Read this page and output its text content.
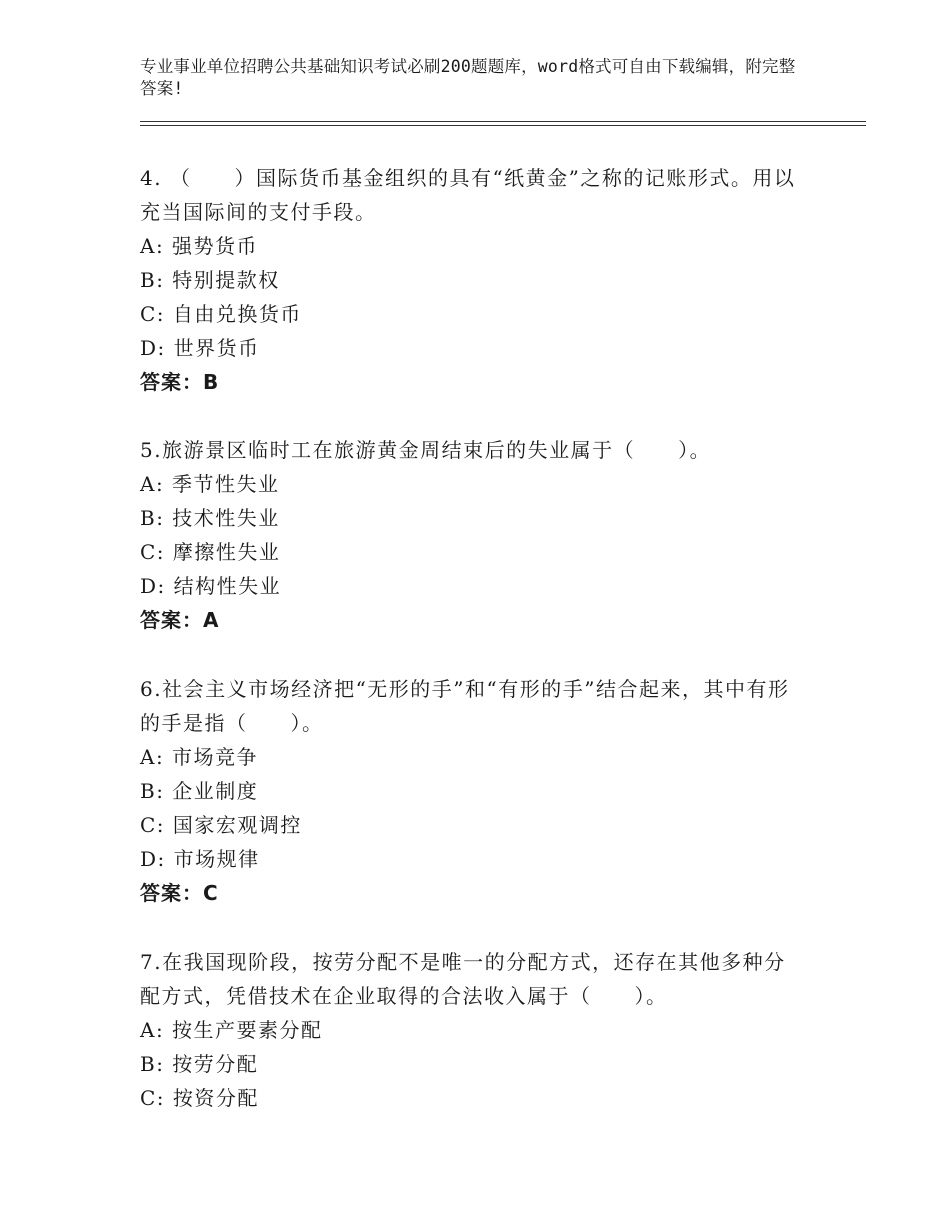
专业事业单位招聘公共基础知识考试必刷200题题库，word格式可自由下载编辑，附完整答案!
4. （　　）国际货币基金组织的具有“纸黄金”之称的记账形式。用以充当国际间的支付手段。
A: 强势货币
B: 特别提款权
C: 自由兑换货币
D: 世界货币
答案：B
5.旅游景区临时工在旅游黄金周结束后的失业属于（　　）。
A: 季节性失业
B: 技术性失业
C: 摩擦性失业
D: 结构性失业
答案：A
6.社会主义市场经济把“无形的手”和“有形的手”结合起来，其中有形的手是指（　　）。
A: 市场竞争
B: 企业制度
C: 国家宏观调控
D: 市场规律
答案：C
7.在我国现阶段，按劳分配不是唯一的分配方式，还存在其他多种分配方式，凭借技术在企业取得的合法收入属于（　　）。
A: 按生产要素分配
B: 按劳分配
C: 按资分配
